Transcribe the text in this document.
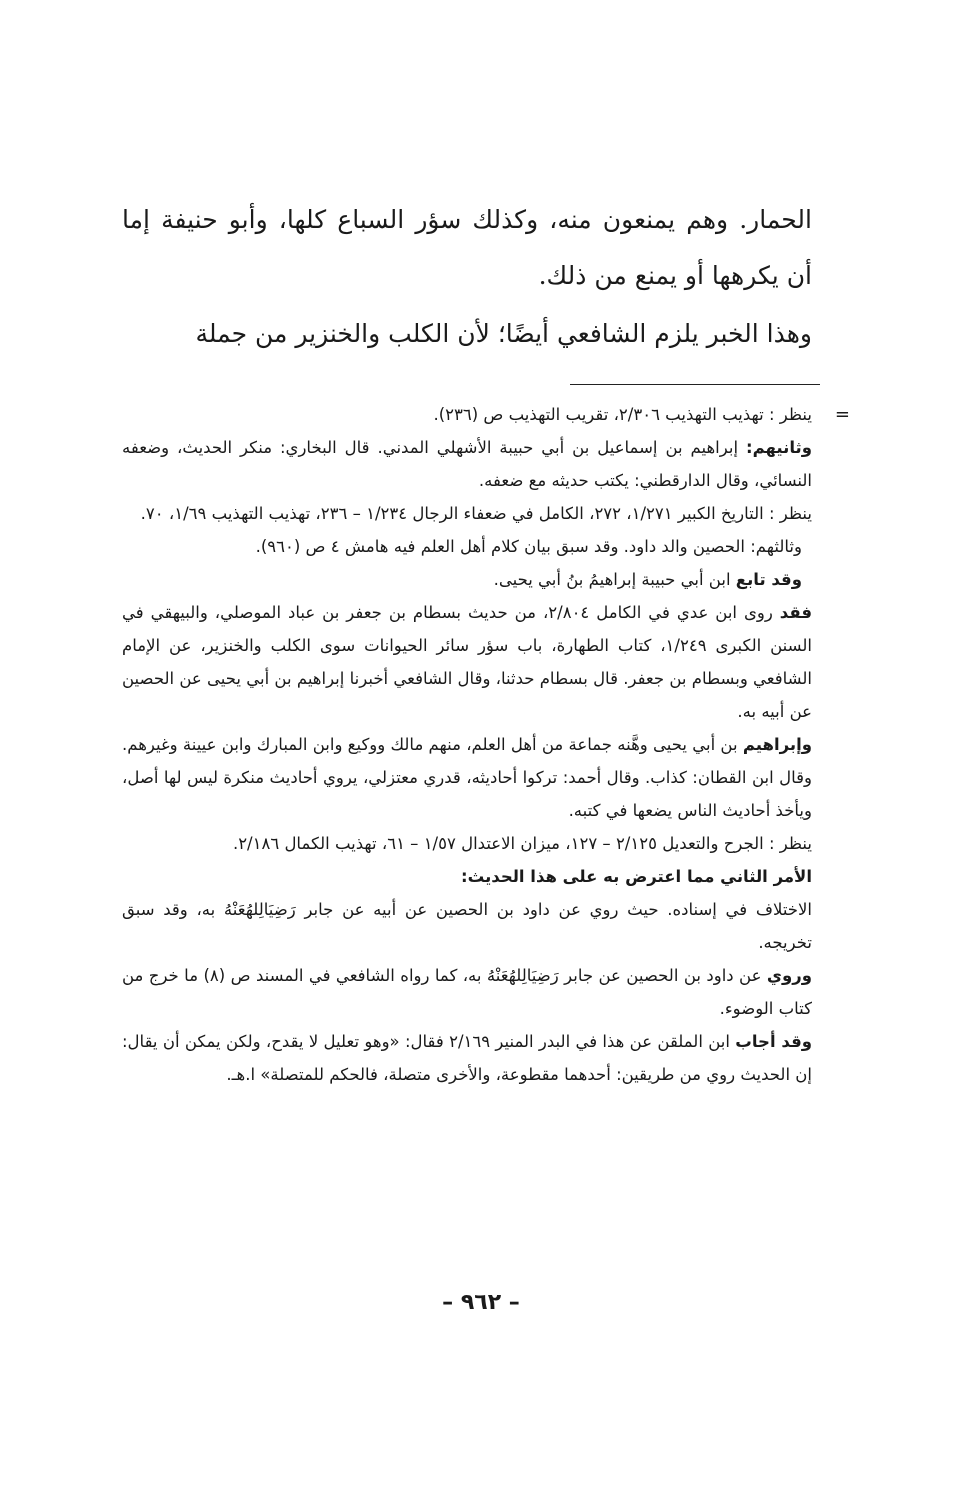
الحمار. وهم يمنعون منه، وكذلك سؤر السباع كلها، وأبو حنيفة إما أن يكرهها أو يمنع من ذلك.

وهذا الخبر يلزم الشافعي أيضًا؛ لأن الكلب والخنزير من جملة

=
ينظر : تهذيب التهذيب ٢/٣٠٦، تقريب التهذيب ص (٢٣٦).

وثانيهم: إبراهيم بن إسماعيل بن أبي حبيبة الأشهلي المدني. قال البخاري: منكر الحديث، وضعفه النسائي، وقال الدارقطني: يكتب حديثه مع ضعفه.

ينظر : التاريخ الكبير ١/٢٧١، ٢٧٢، الكامل في ضعفاء الرجال ١/٢٣٤ – ٢٣٦، تهذيب التهذيب ١/٦٩، ٧٠.

وثالثهم: الحصين والد داود. وقد سبق بيان كلام أهل العلم فيه هامش ٤ ص (٩٦٠).

وقد تابع ابن أبي حبيبة إبراهيمُ بنُ أبي يحيى.

فقد روى ابن عدي في الكامل ٢/٨٠٤، من حديث بسطام بن جعفر بن عباد الموصلي، والبيهقي في السنن الكبرى ١/٢٤٩، كتاب الطهارة، باب سؤر سائر الحيوانات سوى الكلب والخنزير، عن الإمام الشافعي وبسطام بن جعفر. قال بسطام حدثنا، وقال الشافعي أخبرنا إبراهيم بن أبي يحيى عن الحصين عن أبيه به.

وإبراهيم بن أبي يحيى وهَّنه جماعة من أهل العلم، منهم مالك ووكيع وابن المبارك وابن عيينة وغيرهم. وقال ابن القطان: كذاب. وقال أحمد: تركوا أحاديثه، قدري معتزلي، يروي أحاديث منكرة ليس لها أصل، ويأخذ أحاديث الناس يضعها في كتبه.

ينظر : الجرح والتعديل ٢/١٢٥ – ١٢٧، ميزان الاعتدال ١/٥٧ – ٦١، تهذيب الكمال ٢/١٨٦.

الأمر الثاني مما اعترض به على هذا الحديث:

الاختلاف في إسناده. حيث روي عن داود بن الحصين عن أبيه عن جابر رَضِيَالِلهُعَنْهُ به، وقد سبق تخريجه.

وروي عن داود بن الحصين عن جابر رَضِيَالِلهُعَنْهُ به، كما رواه الشافعي في المسند ص (٨) ما خرج من كتاب الوضوء.

وقد أجاب ابن الملقن عن هذا في البدر المنير ٢/١٦٩ فقال: «وهو تعليل لا يقدح، ولكن يمكن أن يقال: إن الحديث روي من طريقين: أحدهما مقطوعة، والأخرى متصلة، فالحكم للمتصلة» ا.هـ.

– ٩٦٢ –
